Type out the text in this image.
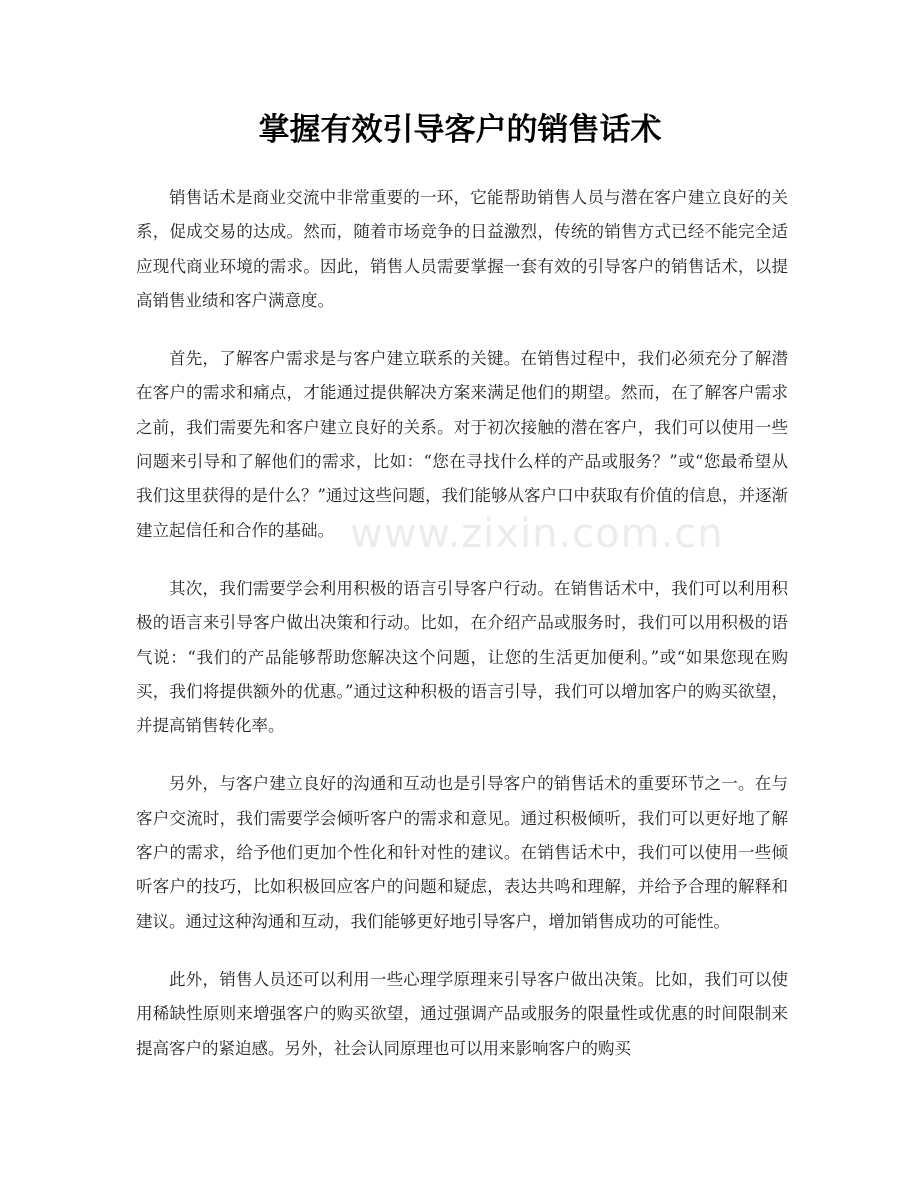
掌握有效引导客户的销售话术
www.zixin.com.cn

销售话术是商业交流中非常重要的一环，它能帮助销售人员与潜在客户建立良好的关系，促成交易的达成。然而，随着市场竞争的日益激烈，传统的销售方式已经不能完全适应现代商业环境的需求。因此，销售人员需要掌握一套有效的引导客户的销售话术，以提高销售业绩和客户满意度。

首先，了解客户需求是与客户建立联系的关键。在销售过程中，我们必须充分了解潜在客户的需求和痛点，才能通过提供解决方案来满足他们的期望。然而，在了解客户需求之前，我们需要先和客户建立良好的关系。对于初次接触的潜在客户，我们可以使用一些问题来引导和了解他们的需求，比如：“您在寻找什么样的产品或服务？”或“您最希望从我们这里获得的是什么？”通过这些问题，我们能够从客户口中获取有价值的信息，并逐渐建立起信任和合作的基础。

其次，我们需要学会利用积极的语言引导客户行动。在销售话术中，我们可以利用积极的语言来引导客户做出决策和行动。比如，在介绍产品或服务时，我们可以用积极的语气说：“我们的产品能够帮助您解决这个问题，让您的生活更加便利。”或“如果您现在购买，我们将提供额外的优惠。”通过这种积极的语言引导，我们可以增加客户的购买欲望，并提高销售转化率。

另外，与客户建立良好的沟通和互动也是引导客户的销售话术的重要环节之一。在与客户交流时，我们需要学会倾听客户的需求和意见。通过积极倾听，我们可以更好地了解客户的需求，给予他们更加个性化和针对性的建议。在销售话术中，我们可以使用一些倾听客户的技巧，比如积极回应客户的问题和疑虑，表达共鸣和理解，并给予合理的解释和建议。通过这种沟通和互动，我们能够更好地引导客户，增加销售成功的可能性。

此外，销售人员还可以利用一些心理学原理来引导客户做出决策。比如，我们可以使用稀缺性原则来增强客户的购买欲望，通过强调产品或服务的限量性或优惠的时间限制来提高客户的紧迫感。另外，社会认同原理也可以用来影响客户的购买
